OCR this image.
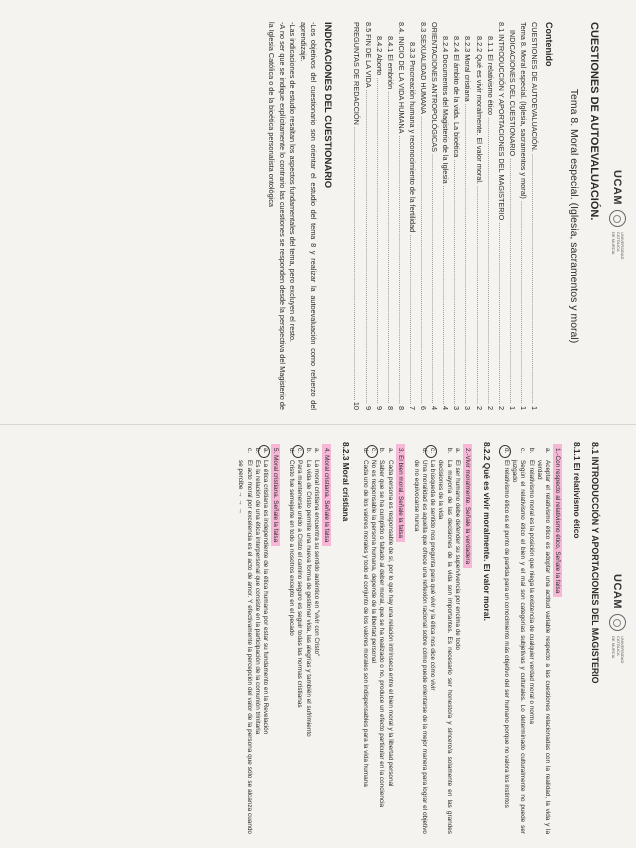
UCAM
UNIVERSIDAD CATÓLICA
DE MURCIA
CUESTIONES DE AUTOEVALUACIÓN.
Tema 8. Moral especial. (Iglesia, sacramentos y moral)
Contenido
CUESTIONES DE AUTOEVALUACIÓN.
.....
1
Tema 8. Moral especial. (Iglesia, sacramentos y moral)
.....
1
INDICACIONES DEL CUESTIONARIO
.....
1
8.1 INTRODUCCIÓN Y APORTACIONES DEL MAGISTERIO
.....
2
8.1.1 El relativismo ético
.....
2
8.2.2 Qué es vivir moralmente. El valor moral.
.....
2
8.2.3 Moral cristiana
.....
3
8.2.4 El ámbito de la vida. La bioética
.....
3
8.2.4 Documentos del Magisterio de la Iglesia
.....
4
ORIENTACIONES ANTROPOLÓGICAS
.....
4
8.3 SEXUALIDAD HUMANA
.....
6
8.3.3 Procreación humana y reconocimiento de la fertilidad
.....
7
8.4. INICIO DE LA VIDA HUMANA
.....
8
8.4.1 El embrión
.....
8
8.4.2 Aborto
.....
9
8.5 FIN DE LA VIDA
.....
9
PREGUNTAS DE REDACCIÓN
.....
10
INDICACIONES DEL CUESTIONARIO

-Los objetivos del cuestionario son orientar el estudio del tema 8 y realizar la autoevaluación como refuerzo del aprendizaje.

-Las indicaciones de estudio resaltan los aspectos fundamentales del tema, pero excluyen el resto.

-A no ser que se indique explícitamente lo contrario las cuestiones se responden desde la perspectiva del Magisterio de la Iglesia Católica o de la bioética personalista ontológica

UCAM
UNIVERSIDAD CATÓLICA
DE MURCIA
8.1 INTRODUCCIÓN Y APORTACIONES DEL MAGISTERIO
8.1.1 El relativismo ético
1.-Con respecto al relativismo ético, Señale la falsa
a.
Aceptar el relativismo ético es adoptar una actitud variable respecto a las cuestiones relacionadas con la realidad, la vida y la verdad
b.
El relativismo moral es la posición que niega la existencia de cualquier verdad moral o norma
c.
Según el relativismo ético el bien y el mal son categorías subjetivas y culturales. Lo determinado culturalmente no puede ser juzgado
d.
El relativismo ético es el punto de partida para un conocimiento más objetivo del ser humano porque no valora los instintos
8.2.2 Qué es vivir moralmente. El valor moral.
2.-Vivir moralmente. Señale la verdadera
a.
El ser humano debe defender su supervivencia por encima de todo
b.
La mayoría de las decisiones de la vida son importantes. Es necesario ser honesto/a y sincero/a solamente en las grandes decisiones de la vida
c.
La búsqueda de sentido nos pregunta para qué vivir y la ética nos dice cómo vivir
d.
Una moralidad es aquella que ofrece una reflexión racional sobre cómo puede orientarse de la mejor manera para lograr el objetivo de no equivocarse nunca
3. El bien moral. Señale la falsa
a.
Cada persona es responsable de sí, por lo que hay una relación intrínseca entre el bien moral y la libertad personal
b.
Saber que se ha cumplido o faltado al deber moral, que se ha realizado o no, produce un efecto particular en la conciencia
c.
No es responsable la persona humana, depende de la libertad personal
d.
Cada uno de los valores morales y todo el conjunto de los valores morales son indispensables para la vida humana
8.2.3 Moral cristiana
4. Moral cristiana. Señale la falsa
a.
La moral cristiana encuentra su sentido auténtico en "vivir con Cristo"
b.
La vida de Cristo permite una nueva forma de gestionar vida, las alegrías y también el sufrimiento
c.
Para mantenerse unido a Cristo el camino seguro es seguir todas las normas cristianas
d.
Cristo fue semejante en todo a nosotros excepto en el pecado
5. Moral cristiana. Señale la falsa
a.
La ética cristiana es independiente de la ética humana por estar su fundamento en la Revelación
b.
Es la relación de una ética interpersonal que consiste en la participación de la comunión trinitaria
c.
El acto moral por excelencia es el acto de amor. Y efectivamente la percepción del valor de la persona que sólo se alcanza cuando se percibe → → →
